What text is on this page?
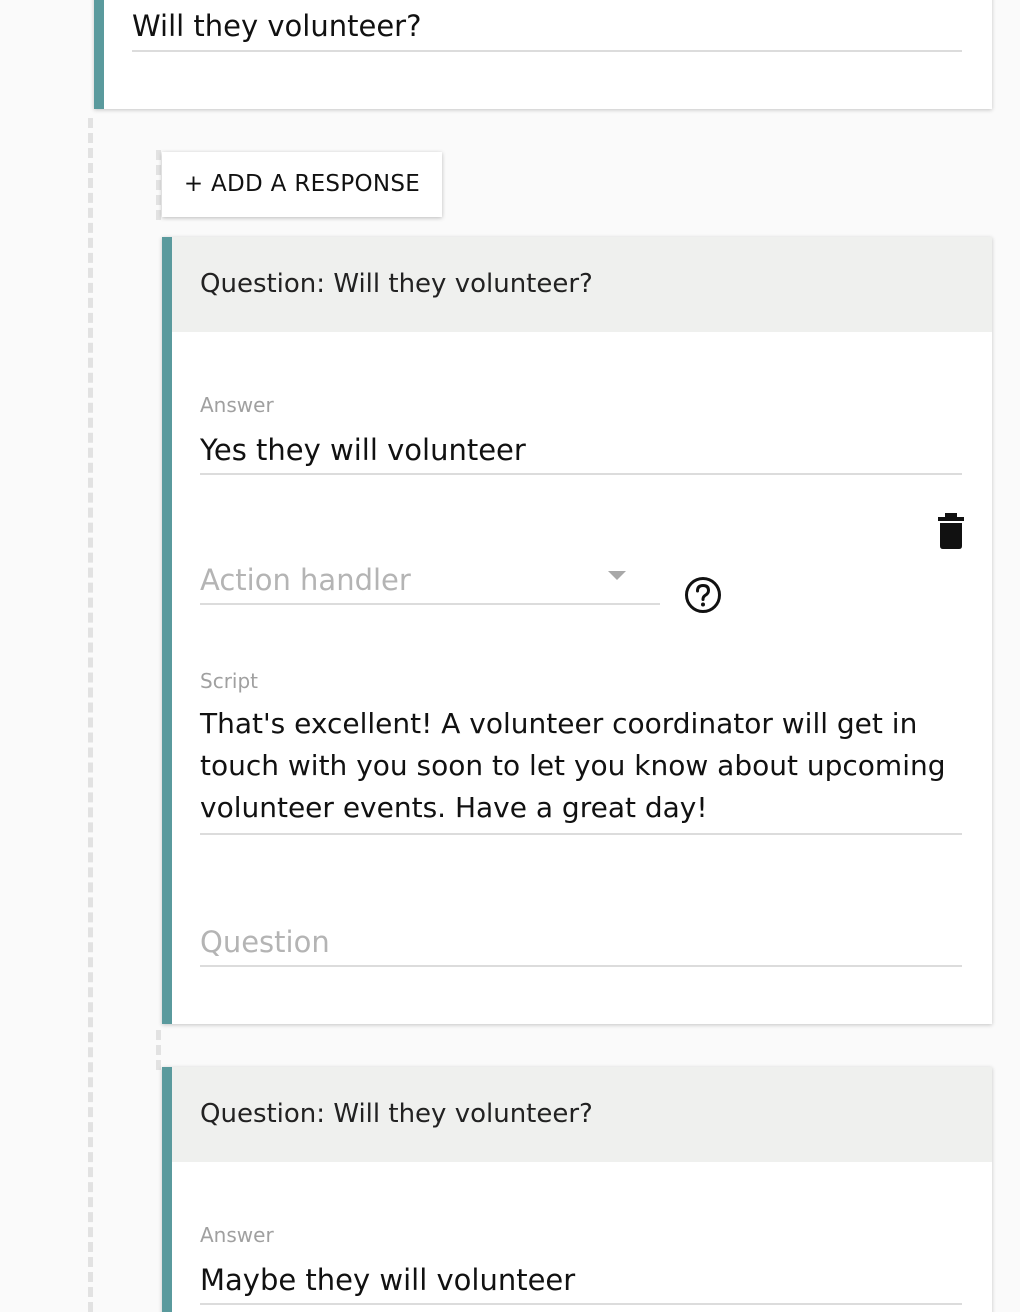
Will they volunteer?
+ ADD A RESPONSE
Question: Will they volunteer?
Answer
Yes they will volunteer
Action handler
Script
That's excellent! A volunteer coordinator will get in touch with you soon to let you know about upcoming volunteer events. Have a great day!
Question
Question: Will they volunteer?
Answer
Maybe they will volunteer
